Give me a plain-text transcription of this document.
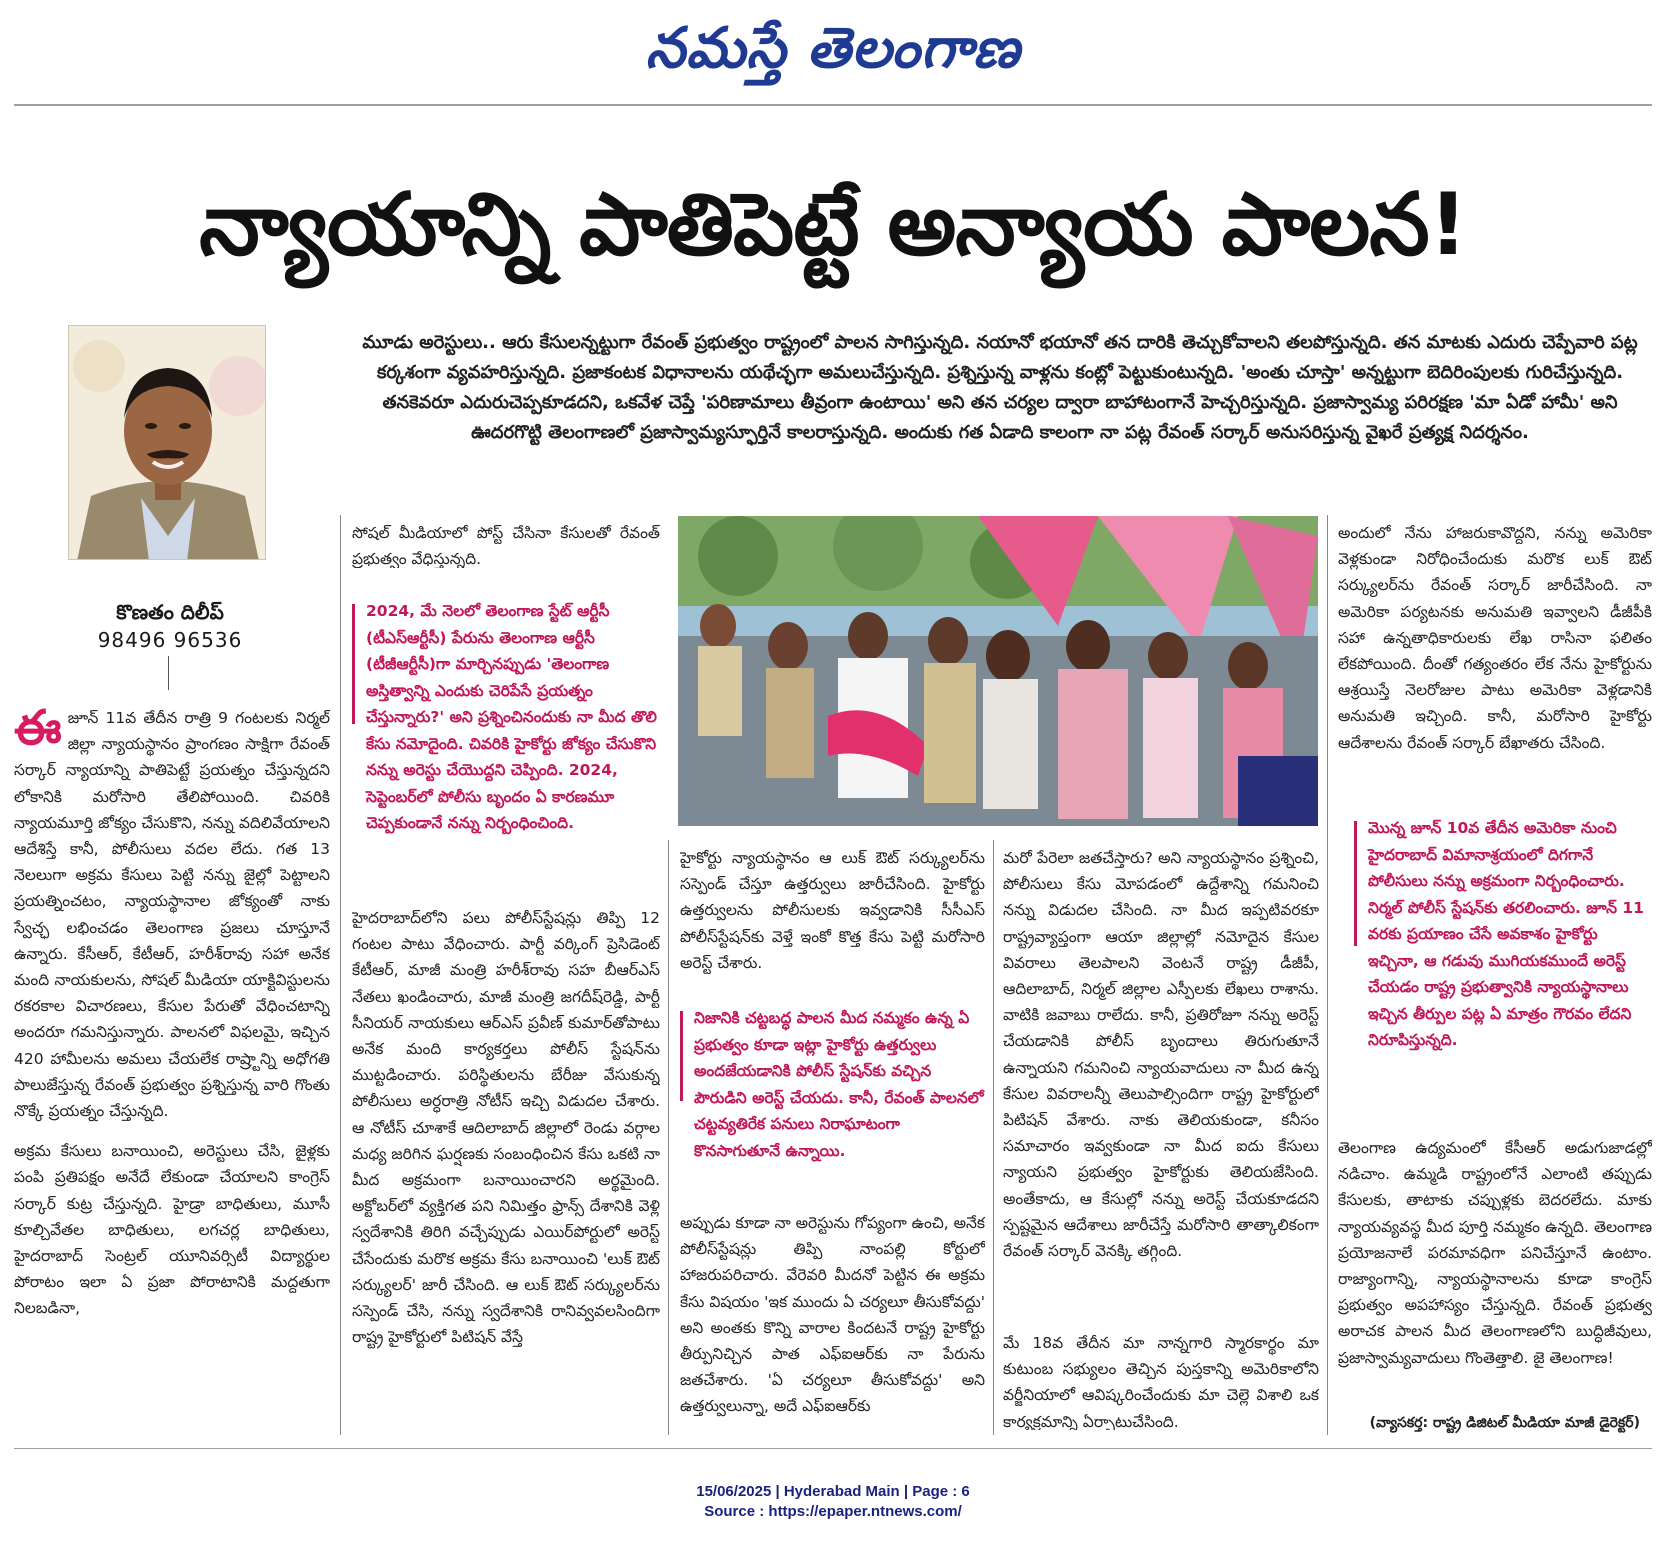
నమస్తే తెలంగాణ
న్యాయాన్ని పాతిపెట్టే అన్యాయ పాలన!
కొణతం దిలీప్
98496 96536
మూడు అరెస్టులు.. ఆరు కేసులన్నట్టుగా రేవంత్ ప్రభుత్వం రాష్ట్రంలో పాలన సాగిస్తున్నది. నయానో భయానో తన దారికి తెచ్చుకోవాలని తలపోస్తున్నది. తన మాటకు ఎదురు చెప్పేవారి పట్ల కర్కశంగా వ్యవహరిస్తున్నది. ప్రజాకంటక విధానాలను యథేచ్ఛగా అమలుచేస్తున్నది. ప్రశ్నిస్తున్న వాళ్లను కంట్లో పెట్టుకుంటున్నది. 'అంతు చూస్తా' అన్నట్టుగా బెదిరింపులకు గురిచేస్తున్నది. తనకెవరూ ఎదురుచెప్పకూడదని, ఒకవేళ చెప్తే 'పరిణామాలు తీవ్రంగా ఉంటాయి' అని తన చర్యల ద్వారా బాహాటంగానే హెచ్చరిస్తున్నది. ప్రజాస్వామ్య పరిరక్షణ 'మా ఏడో హామీ' అని ఊదరగొట్టి తెలంగాణలో ప్రజాస్వామ్యస్ఫూర్తినే కాలరాస్తున్నది. అందుకు గత ఏడాది కాలంగా నా పట్ల రేవంత్ సర్కార్ అనుసరిస్తున్న వైఖరే ప్రత్యక్ష నిదర్శనం.

ఈజూన్ 11వ తేదీన రాత్రి 9 గంటలకు నిర్మల్ జిల్లా న్యాయస్థానం ప్రాంగణం సాక్షిగా రేవంత్ సర్కార్ న్యాయాన్ని పాతిపెట్టే ప్రయత్నం చేస్తున్నదని లోకానికి మరోసారి తేలిపోయింది. చివరికి న్యాయమూర్తి జోక్యం చేసుకొని, నన్ను వదిలివేయాలని ఆదేశిస్తే కానీ, పోలీసులు వదల లేదు. గత 13 నెలలుగా అక్రమ కేసులు పెట్టి నన్ను జైల్లో పెట్టాలని ప్రయత్నించటం, న్యాయస్థానాల జోక్యంతో నాకు స్వేచ్ఛ లభించడం తెలంగాణ ప్రజలు చూస్తూనే ఉన్నారు. కేసీఆర్, కేటీఆర్, హరీశ్‌రావు సహా అనేక మంది నాయకులను, సోషల్ మీడియా యాక్టివిస్టులను రకరకాల విచారణలు, కేసుల పేరుతో వేధించటాన్ని అందరూ గమనిస్తున్నారు. పాలనలో విఫలమై, ఇచ్చిన 420 హామీలను అమలు చేయలేక రాష్ర్టాన్ని అధోగతి పాలుజేస్తున్న రేవంత్ ప్రభుత్వం ప్రశ్నిస్తున్న వారి గొంతు నొక్కే ప్రయత్నం చేస్తున్నది.

అక్రమ కేసులు బనాయించి, అరెస్టులు చేసి, జైళ్లకు పంపి ప్రతిపక్షం అనేదే లేకుండా చేయాలని కాంగ్రెస్ సర్కార్ కుట్ర చేస్తున్నది. హైడ్రా బాధితులు, మూసీ కూల్చివేతల బాధితులు, లగచర్ల బాధితులు, హైదరాబాద్ సెంట్రల్ యూనివర్సిటీ విద్యార్థుల పోరాటం ఇలా ఏ ప్రజా పోరాటానికి మద్దతుగా నిలబడినా,

సోషల్ మీడియాలో పోస్ట్ చేసినా కేసులతో రేవంత్ ప్రభుత్వం వేధిస్తున్నది.

2024, మే నెలలో తెలంగాణ స్టేట్ ఆర్టీసీ (టీఎస్ఆర్టీసీ) పేరును తెలంగాణ ఆర్టీసీ (టీజీఆర్టీసీ)గా మార్చినప్పుడు 'తెలంగాణ అస్తిత్వాన్ని ఎందుకు చెరిపేసే ప్రయత్నం చేస్తున్నారు?' అని ప్రశ్నించినందుకు నా మీద తొలి కేసు నమోదైంది. చివరికి హైకోర్టు జోక్యం చేసుకొని నన్ను అరెస్టు చేయొద్దని చెప్పింది. 2024, సెప్టెంబర్‌లో పోలీసు బృందం ఏ కారణమూ చెప్పకుండానే నన్ను నిర్బంధించింది.

హైదరాబాద్‌లోని పలు పోలీస్‌స్టేషన్లు తిప్పి 12 గంటల పాటు వేధించారు. పార్టీ వర్కింగ్ ప్రెసిడెంట్ కేటీఆర్, మాజీ మంత్రి హరీశ్‌రావు సహ బీఆర్ఎస్ నేతలు ఖండించారు, మాజీ మంత్రి జగదీష్‌రెడ్డి, పార్టీ సీనియర్ నాయకులు ఆర్ఎస్ ప్రవీణ్ కుమార్‌తోపాటు అనేక మంది కార్యకర్తలు పోలీస్ స్టేషన్‌ను ముట్టడించారు. పరిస్థితులను బేరీజు వేసుకున్న పోలీసులు అర్ధరాత్రి నోటీస్ ఇచ్చి విడుదల చేశారు. ఆ నోటీస్ చూశాకే ఆదిలాబాద్ జిల్లాలో రెండు వర్గాల మధ్య జరిగిన ఘర్షణకు సంబంధించిన కేసు ఒకటి నా మీద అక్రమంగా బనాయించారని అర్థమైంది. అక్టోబర్‌లో వ్యక్తిగత పని నిమిత్తం ఫ్రాన్స్ దేశానికి వెళ్లి స్వదేశానికి తిరిగి వచ్చేప్పుడు ఎయిర్‌పోర్టులో అరెస్ట్ చేసేందుకు మరొక అక్రమ కేసు బనాయించి 'లుక్ ఔట్ సర్క్యులర్' జారీ చేసింది. ఆ లుక్ ఔట్ సర్క్యులర్‌ను సస్పెండ్ చేసి, నన్ను స్వదేశానికి రానివ్వవలసిందిగా రాష్ట్ర హైకోర్టులో పిటిషన్ వేస్తే

హైకోర్టు న్యాయస్థానం ఆ లుక్ ఔట్ సర్క్యులర్‌ను సస్పెండ్ చేస్తూ ఉత్తర్వులు జారీచేసింది. హైకోర్టు ఉత్తర్వులను పోలీసులకు ఇవ్వడానికి సీసీఎస్ పోలీస్‌స్టేషన్‌కు వెళ్తే ఇంకో కొత్త కేసు పెట్టి మరోసారి అరెస్ట్ చేశారు.

నిజానికి చట్టబద్ధ పాలన మీద నమ్మకం ఉన్న ఏ ప్రభుత్వం కూడా ఇట్లా హైకోర్టు ఉత్తర్వులు అందజేయడానికి పోలీస్ స్టేషన్‌కు వచ్చిన పౌరుడిని అరెస్ట్ చేయదు. కానీ, రేవంత్ పాలనలో చట్టవ్యతిరేక పనులు నిరాఘాటంగా కొనసాగుతూనే ఉన్నాయి.

అప్పుడు కూడా నా అరెస్టును గోప్యంగా ఉంచి, అనేక పోలీస్‌స్టేషన్లు తిప్పి నాంపల్లి కోర్టులో హాజరుపరిచారు. వేరెవరి మీదనో పెట్టిన ఈ అక్రమ కేసు విషయం 'ఇక ముందు ఏ చర్యలూ తీసుకోవద్దు' అని అంతకు కొన్ని వారాల కిందటనే రాష్ట్ర హైకోర్టు తీర్పునిచ్చిన పాత ఎఫ్ఐఆర్‌కు నా పేరును జతచేశారు. 'ఏ చర్యలూ తీసుకోవద్దు' అని ఉత్తర్వులున్నా, అదే ఎఫ్ఐఆర్‌కు

మరో పేరెలా జతచేస్తారు? అని న్యాయస్థానం ప్రశ్నించి, పోలీసులు కేసు మోపడంలో ఉద్దేశాన్ని గమనించి నన్ను విడుదల చేసింది. నా మీద ఇప్పటివరకూ రాష్ట్రవ్యాప్తంగా ఆయా జిల్లాల్లో నమోదైన కేసుల వివరాలు తెలపాలని వెంటనే రాష్ట్ర డీజీపీ, ఆదిలాబాద్, నిర్మల్ జిల్లాల ఎస్పీలకు లేఖలు రాశాను. వాటికి జవాబు రాలేదు. కానీ, ప్రతిరోజూ నన్ను అరెస్ట్ చేయడానికి పోలీస్ బృందాలు తిరుగుతూనే ఉన్నాయని గమనించి న్యాయవాదులు నా మీద ఉన్న కేసుల వివరాలన్నీ తెలుపాల్సిందిగా రాష్ట్ర హైకోర్టులో పిటిషన్ వేశారు. నాకు తెలియకుండా, కనీసం సమాచారం ఇవ్వకుండా నా మీద ఐదు కేసులు న్యాయని ప్రభుత్వం హైకోర్టుకు తెలియజేసింది. అంతేకాదు, ఆ కేసుల్లో నన్ను అరెస్ట్ చేయకూడదని స్పష్టమైన ఆదేశాలు జారీచేస్తే మరోసారి తాత్కాలికంగా రేవంత్ సర్కార్ వెనక్కి తగ్గింది.

మే 18వ తేదీన మా నాన్నగారి స్మారకార్థం మా కుటుంబ సభ్యులం తెచ్చిన పుస్తకాన్ని అమెరికాలోని వర్జీనియాలో ఆవిష్కరించేందుకు మా చెల్లె విశాలి ఒక కార్యక్రమాన్ని ఏర్పాటుచేసింది.

అందులో నేను హాజరుకావొద్దని, నన్ను అమెరికా వెళ్లకుండా నిరోధించేందుకు మరొక లుక్ ఔట్ సర్క్యులర్‌ను రేవంత్ సర్కార్ జారీచేసింది. నా అమెరికా పర్యటనకు అనుమతి ఇవ్వాలని డీజీపీకి సహా ఉన్నతాధికారులకు లేఖ రాసినా ఫలితం లేకపోయింది. దీంతో గత్యంతరం లేక నేను హైకోర్టును ఆశ్రయిస్తే నెలరోజుల పాటు అమెరికా వెళ్లడానికి అనుమతి ఇచ్చింది. కానీ, మరోసారి హైకోర్టు ఆదేశాలను రేవంత్ సర్కార్ బేఖాతరు చేసింది.

మొన్న జూన్ 10వ తేదీన అమెరికా నుంచి హైదరాబాద్ విమానాశ్రయంలో దిగగానే పోలీసులు నన్ను అక్రమంగా నిర్బంధించారు. నిర్మల్ పోలీస్ స్టేషన్‌కు తరలించారు. జూన్ 11 వరకు ప్రయాణం చేసే అవకాశం హైకోర్టు ఇచ్చినా, ఆ గడువు ముగియకముందే అరెస్ట్ చేయడం రాష్ట్ర ప్రభుత్వానికి న్యాయస్థానాలు ఇచ్చిన తీర్పుల పట్ల ఏ మాత్రం గౌరవం లేదని నిరూపిస్తున్నది.

తెలంగాణ ఉద్యమంలో కేసీఆర్ అడుగుజాడల్లో నడిచాం. ఉమ్మడి రాష్ట్రంలోనే ఎలాంటి తప్పుడు కేసులకు, తాటాకు చప్పుళ్లకు బెదరలేదు. మాకు న్యాయవ్యవస్థ మీద పూర్తి నమ్మకం ఉన్నది. తెలంగాణ ప్రయోజనాలే పరమావధిగా పనిచేస్తూనే ఉంటాం. రాజ్యాంగాన్ని, న్యాయస్థానాలను కూడా కాంగ్రెస్ ప్రభుత్వం అపహాస్యం చేస్తున్నది. రేవంత్ ప్రభుత్వ అరాచక పాలన మీద తెలంగాణలోని బుద్ధిజీవులు, ప్రజాస్వామ్యవాదులు గొంతెత్తాలి. జై తెలంగాణ!

(వ్యాసకర్త: రాష్ట్ర డిజిటల్ మీడియా మాజీ డైరెక్టర్)
15/06/2025 | Hyderabad Main | Page : 6
Source : https://epaper.ntnews.com/
